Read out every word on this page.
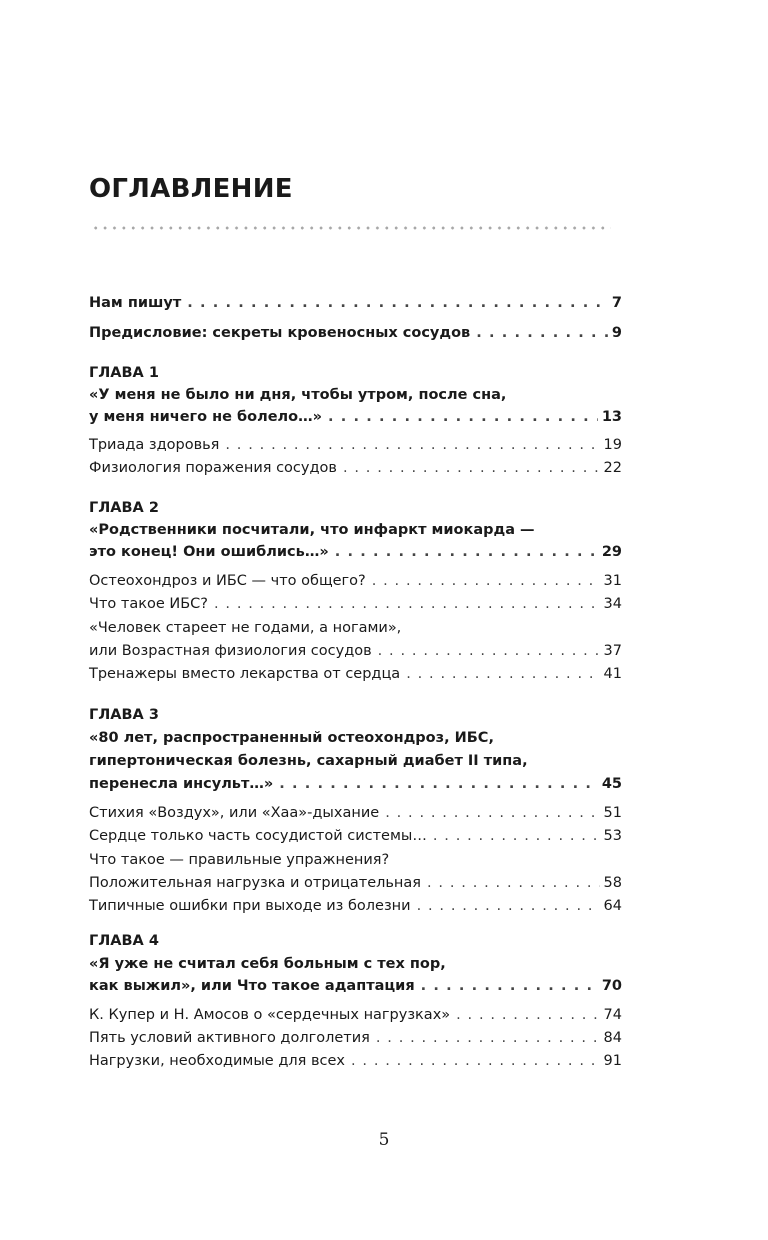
ОГЛАВЛЕНИЕ
Нам пишут . . .	7
Предисловие: секреты кровеносных сосудов . . .	9
ГЛАВА 1
«У меня не было ни дня, чтобы утром, после сна,
у меня ничего не болело…» . . .	13
Триада здоровья . . .	19
Физиология поражения сосудов . . .	22
ГЛАВА 2
«Родственники посчитали, что инфаркт миокарда —
это конец! Они ошиблись…» . . .	29
Остеохондроз и ИБС — что общего? . . .	31
Что такое ИБС? . . .	34
«Человек стареет не годами, а ногами»,
или Возрастная физиология сосудов . . .	37
Тренажеры вместо лекарства от сердца . . .	41
ГЛАВА 3
«80 лет, распространенный остеохондроз, ИБС,
гипертоническая болезнь, сахарный диабет II типа,
перенесла инсульт…» . . .	45
Стихия «Воздух», или «Хаа»-дыхание . . .	51
Сердце только часть сосудистой системы… . . .	53
Что такое — правильные упражнения?
Положительная нагрузка и отрицательная . . .	58
Типичные ошибки при выходе из болезни . . .	64
ГЛАВА 4
«Я уже не считал себя больным с тех пор,
как выжил», или Что такое адаптация . . .	70
К. Купер и Н. Амосов о «сердечных нагрузках» . . .	74
Пять условий активного долголетия . . .	84
Нагрузки, необходимые для всех . . .	91
5
